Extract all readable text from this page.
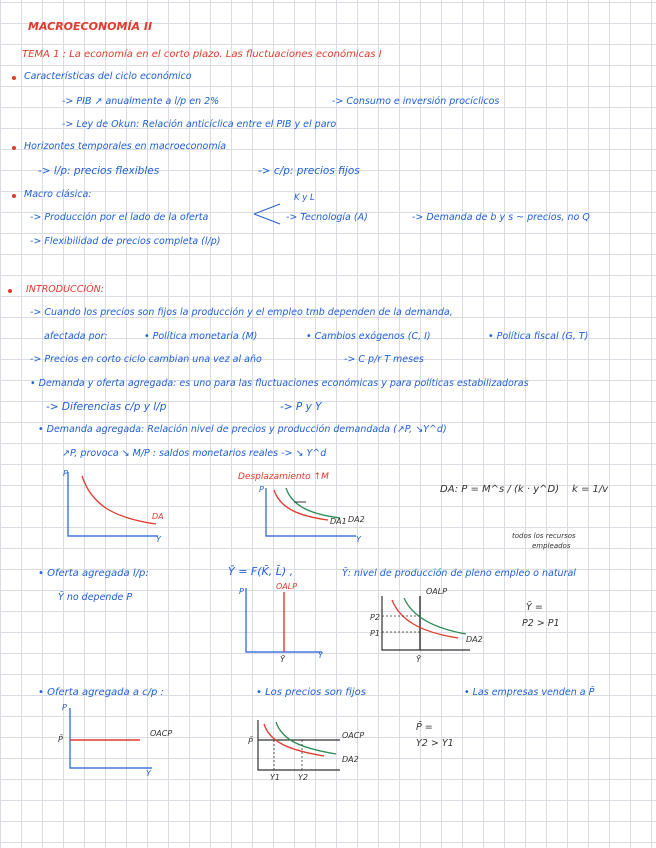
MACROECONOMÍA II
TEMA 1 : La economía en el corto plazo. Las fluctuaciones económicas I
Características del ciclo económico
-> PIB ↗ anualmente a l/p en 2%	-> Consumo e inversión procíclicos
-> Ley de Okun: Relación anticíclica entre el PIB y el paro
Horizontes temporales en macroeconomía
-> l/p: precios flexibles	-> c/p: precios fijos
Macro clásica:	K y L
-> Producción por el lado de la oferta	-> Tecnología (A)	-> Demanda de b y s ~ precios, no Q
-> Flexibilidad de precios completa (l/p)
INTRODUCCIÓN:
-> Cuando los precios son fijos la producción y el empleo tmb dependen de la demanda,
afectada por:	• Política monetaria (M)	• Cambios exógenos (C, I)	• Política fiscal (G, T)
-> Precios en corto ciclo cambian una vez al año	-> C p/r T meses
• Demanda y oferta agregada: es uno para las fluctuaciones económicas y para políticas estabilizadoras
-> Diferencias c/p y l/p	-> P y Y
• Demanda agregada: Relación nivel de precios y producción demandada (↗P, ↘Y^d)
↗P, provoca ↘ M/P : saldos monetarios reales -> ↘ Y^d
P
Y
DA
Desplazamiento ↑M
P
Y
DA1 DA2
DA: P = M^s / (k · y^D) k = 1/v
todos los recursos
empleados
• Oferta agregada l/p:	Ȳ = F(K̄, L̄) ,	Ȳ: nivel de producción de pleno empleo o natural
Ȳ no depende P
P
Y
OALP
Ȳ
OALP
P2
P1
Ȳ
DA2
Ȳ =
P2 > P1
• Oferta agregada a c/p :	• Los precios son fijos	• Las empresas venden a P̄
P
Y
P̄
OACP
P̄
OACP
Y1 Y2
DA2
P̄ =
Y2 > Y1
